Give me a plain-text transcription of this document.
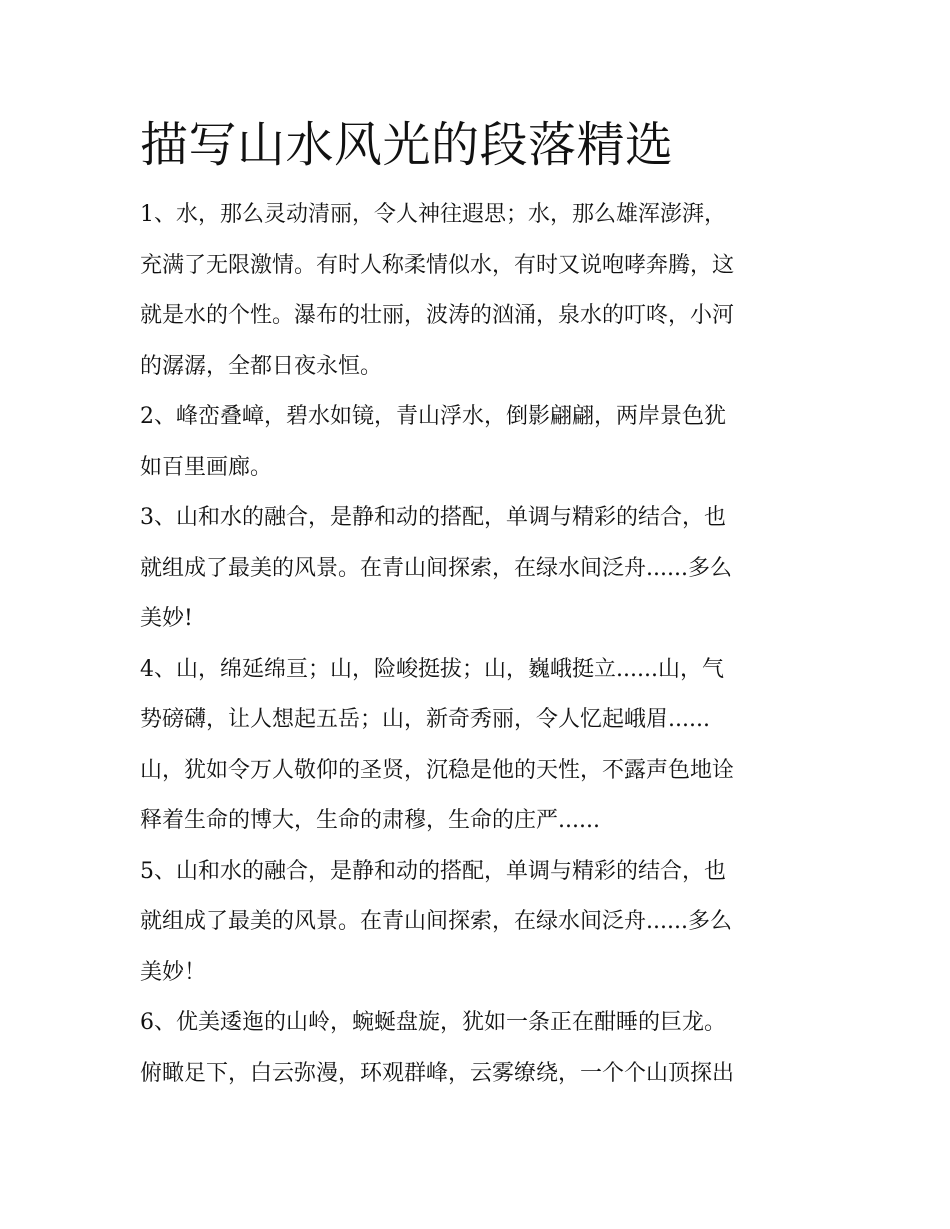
描写山水风光的段落精选
1、水，那么灵动清丽，令人神往遐思；水，那么雄浑澎湃，
充满了无限激情。有时人称柔情似水，有时又说咆哮奔腾，这
就是水的个性。瀑布的壮丽，波涛的汹涌，泉水的叮咚，小河
的潺潺，全都日夜永恒。
2、峰峦叠嶂，碧水如镜，青山浮水，倒影翩翩，两岸景色犹
如百里画廊。
3、山和水的融合，是静和动的搭配，单调与精彩的结合，也
就组成了最美的风景。在青山间探索，在绿水间泛舟......多么
美妙!
4、山，绵延绵亘；山，险峻挺拔；山，巍峨挺立......山，气
势磅礴，让人想起五岳；山，新奇秀丽，令人忆起峨眉......
山，犹如令万人敬仰的圣贤，沉稳是他的天性，不露声色地诠
释着生命的博大，生命的肃穆，生命的庄严......
5、山和水的融合，是静和动的搭配，单调与精彩的结合，也
就组成了最美的风景。在青山间探索，在绿水间泛舟......多么
美妙！
6、优美逶迤的山岭，蜿蜒盘旋，犹如一条正在酣睡的巨龙。
俯瞰足下，白云弥漫，环观群峰，云雾缭绕，一个个山顶探出
